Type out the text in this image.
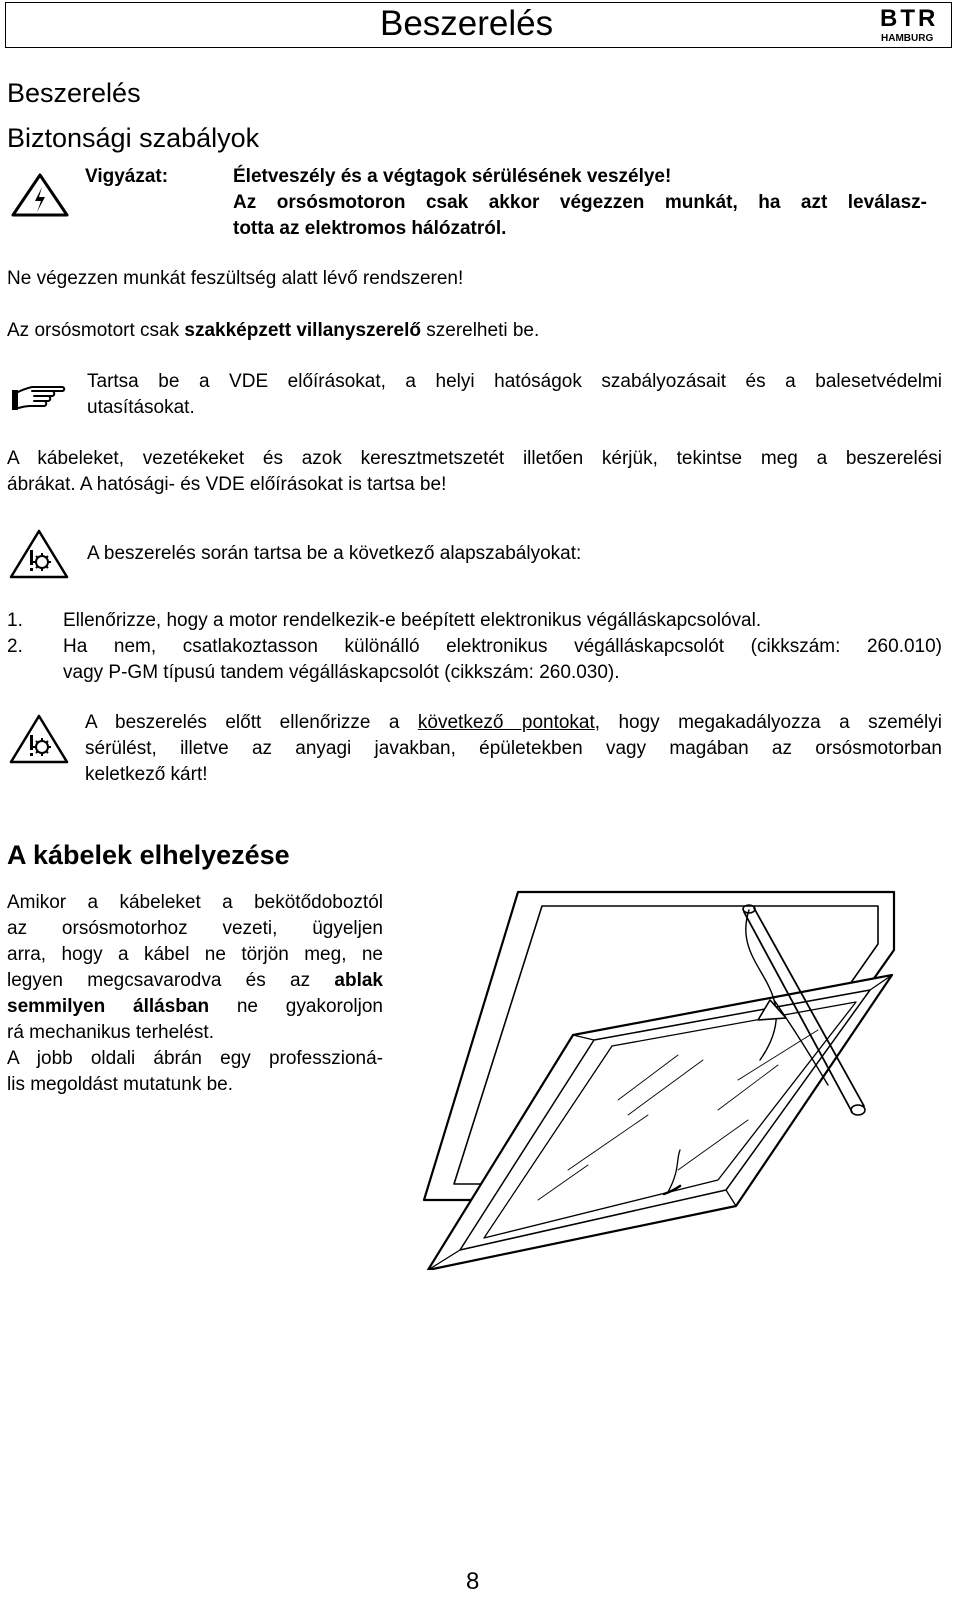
Beszerelés	BTR
HAMBURG
Beszerelés
Biztonsági szabályok
Vigyázat:	Életveszély és a végtagok sérülésének veszélye!
Az orsósmotoron csak akkor végezzen munkát, ha azt leválasz-
totta az elektromos hálózatról.
Ne végezzen munkát feszültség alatt lévő rendszeren!
Az orsósmotort csak szakképzett villanyszerelő szerelheti be.
Tartsa be a VDE előírásokat, a helyi hatóságok szabályozásait és a balesetvédelmi
utasításokat.
A kábeleket, vezetékeket és azok keresztmetszetét illetően kérjük, tekintse meg a beszerelési
ábrákat. A hatósági- és VDE előírásokat is tartsa be!
A beszerelés során tartsa be a következő alapszabályokat:
1.	Ellenőrizze, hogy a motor rendelkezik-e beépített elektronikus végálláskapcsolóval.
2.	Ha nem, csatlakoztasson különálló elektronikus végálláskapcsolót (cikkszám: 260.010)
vagy P-GM típusú tandem végálláskapcsolót (cikkszám: 260.030).
A beszerelés előtt ellenőrizze a következő pontokat, hogy megakadályozza a személyi
sérülést, illetve az anyagi javakban, épületekben vagy magában az orsósmotorban
keletkező kárt!
A kábelek elhelyezése
Amikor a kábeleket a bekötődoboztól
az orsósmotorhoz vezeti, ügyeljen
arra, hogy a kábel ne törjön meg, ne
legyen megcsavarodva és az ablak
semmilyen állásban ne gyakoroljon
rá mechanikus terhelést.
A jobb oldali ábrán egy professzioná-
lis megoldást mutatunk be.
8
